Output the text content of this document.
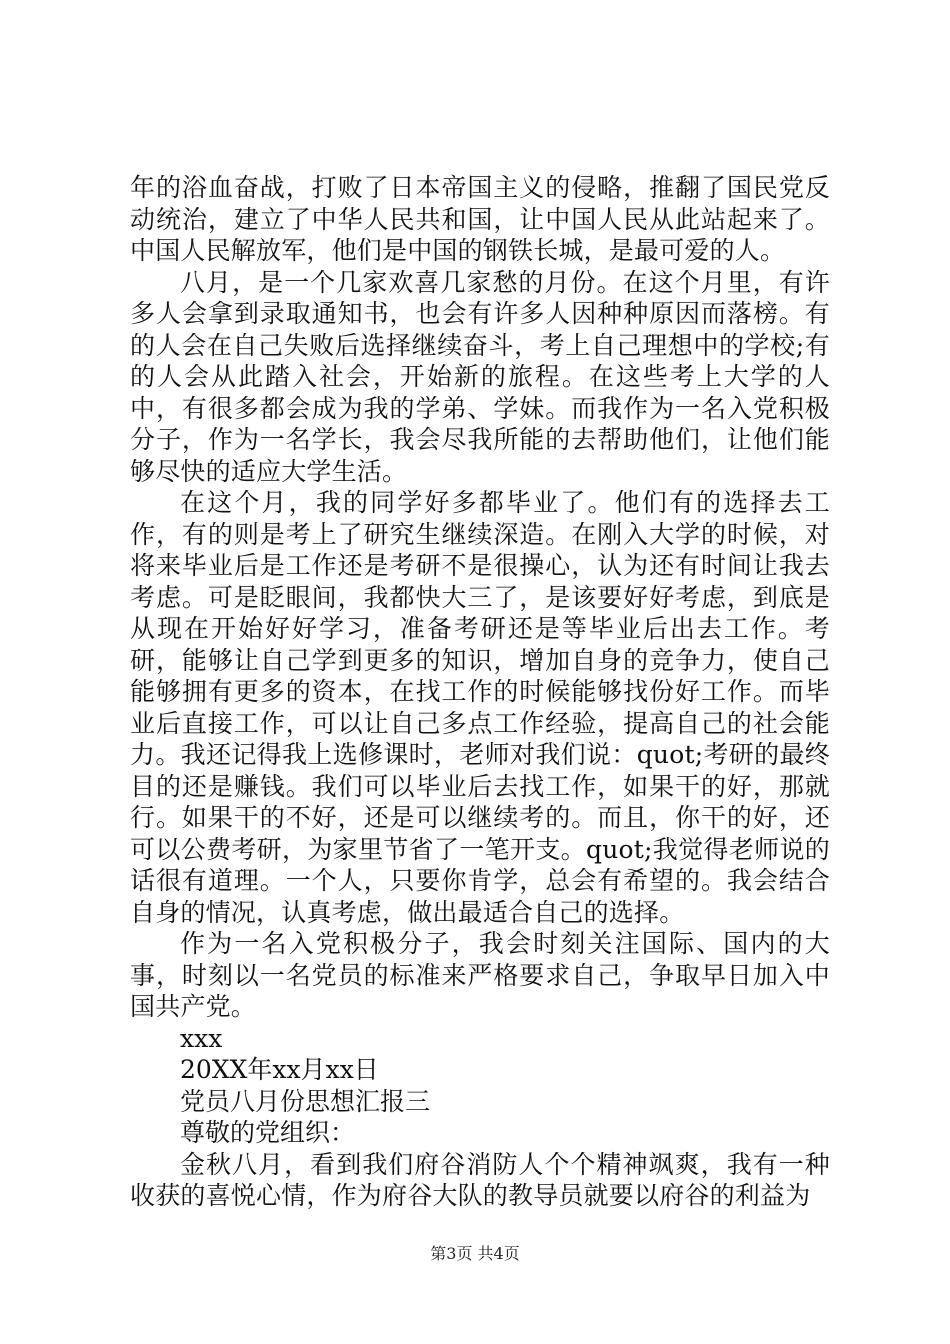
年的浴血奋战，打败了日本帝国主义的侵略，推翻了国民党反动统治，建立了中华人民共和国，让中国人民从此站起来了。中国人民解放军，他们是中国的钢铁长城，是最可爱的人。

八月，是一个几家欢喜几家愁的月份。在这个月里，有许多人会拿到录取通知书，也会有许多人因种种原因而落榜。有的人会在自己失败后选择继续奋斗，考上自己理想中的学校;有的人会从此踏入社会，开始新的旅程。在这些考上大学的人中，有很多都会成为我的学弟、学妹。而我作为一名入党积极分子，作为一名学长，我会尽我所能的去帮助他们，让他们能够尽快的适应大学生活。

在这个月，我的同学好多都毕业了。他们有的选择去工作，有的则是考上了研究生继续深造。在刚入大学的时候，对将来毕业后是工作还是考研不是很操心，认为还有时间让我去考虑。可是眨眼间，我都快大三了，是该要好好考虑，到底是从现在开始好好学习，准备考研还是等毕业后出去工作。考研，能够让自己学到更多的知识，增加自身的竞争力，使自己能够拥有更多的资本，在找工作的时候能够找份好工作。而毕业后直接工作，可以让自己多点工作经验，提高自己的社会能力。我还记得我上选修课时，老师对我们说：quot;考研的最终目的还是赚钱。我们可以毕业后去找工作，如果干的好，那就行。如果干的不好，还是可以继续考的。而且，你干的好，还可以公费考研，为家里节省了一笔开支。quot;我觉得老师说的话很有道理。一个人，只要你肯学，总会有希望的。我会结合自身的情况，认真考虑，做出最适合自己的选择。

作为一名入党积极分子，我会时刻关注国际、国内的大事，时刻以一名党员的标准来严格要求自己，争取早日加入中国共产党。

xxx

20XX年xx月xx日

党员八月份思想汇报三

尊敬的党组织：

金秋八月，看到我们府谷消防人个个精神飒爽，我有一种收获的喜悦心情，作为府谷大队的教导员就要以府谷的利益为

第3页 共4页
